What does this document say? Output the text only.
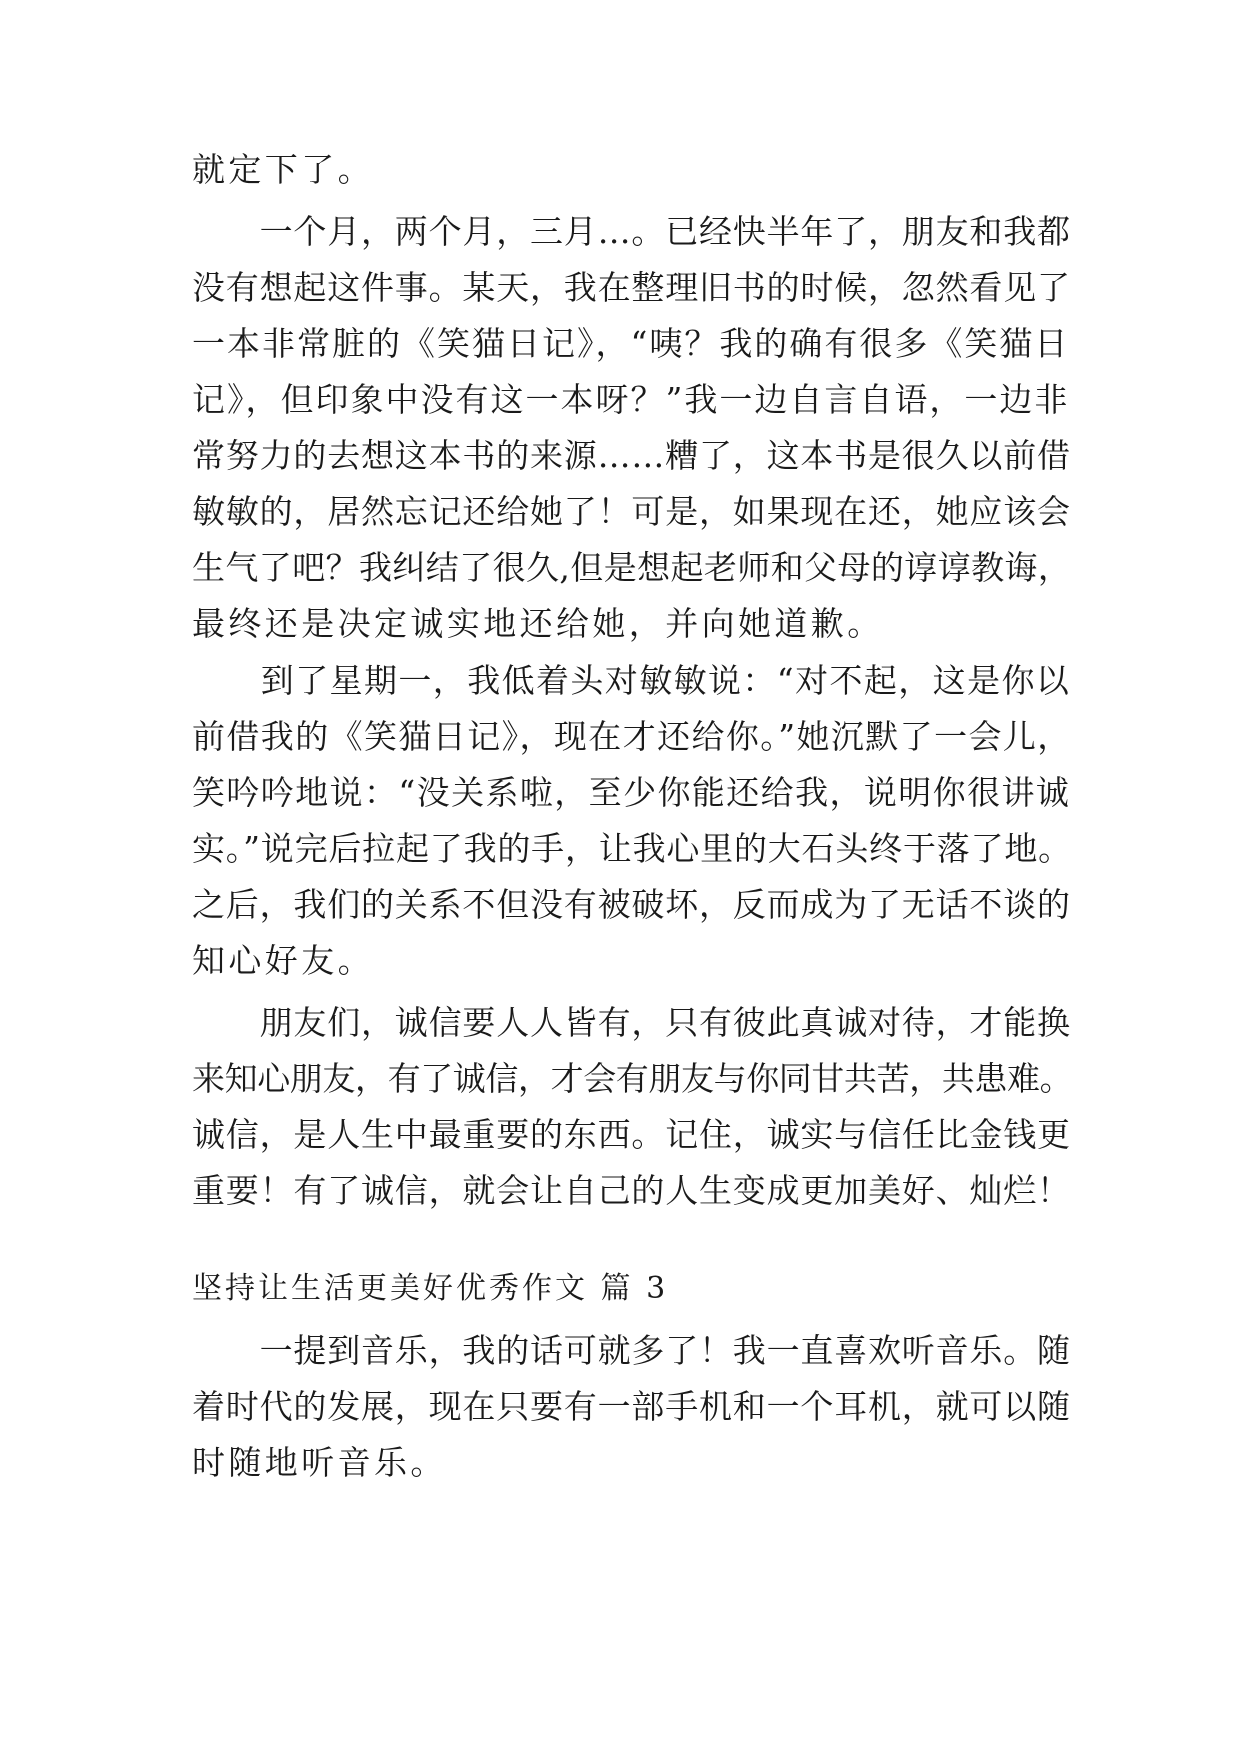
就定下了。
　　一个月，两个月，三月…。已经快半年了，朋友和我都
没有想起这件事。某天，我在整理旧书的时候，忽然看见了
一本非常脏的《笑猫日记》，“咦？我的确有很多《笑猫日
记》，但印象中没有这一本呀？”我一边自言自语，一边非
常努力的去想这本书的来源……糟了，这本书是很久以前借
敏敏的，居然忘记还给她了！可是，如果现在还，她应该会
生气了吧？我纠结了很久,但是想起老师和父母的谆谆教诲，
最终还是决定诚实地还给她，并向她道歉。
　　到了星期一，我低着头对敏敏说：“对不起，这是你以
前借我的《笑猫日记》，现在才还给你。”她沉默了一会儿，
笑吟吟地说：“没关系啦，至少你能还给我，说明你很讲诚
实。”说完后拉起了我的手，让我心里的大石头终于落了地。
之后，我们的关系不但没有被破坏，反而成为了无话不谈的
知心好友。
　　朋友们，诚信要人人皆有，只有彼此真诚对待，才能换
来知心朋友，有了诚信，才会有朋友与你同甘共苦，共患难。
诚信，是人生中最重要的东西。记住，诚实与信任比金钱更
重要！有了诚信，就会让自己的人生变成更加美好、灿烂！
坚持让生活更美好优秀作文 篇 3
　　一提到音乐，我的话可就多了！我一直喜欢听音乐。随
着时代的发展，现在只要有一部手机和一个耳机，就可以随
时随地听音乐。
